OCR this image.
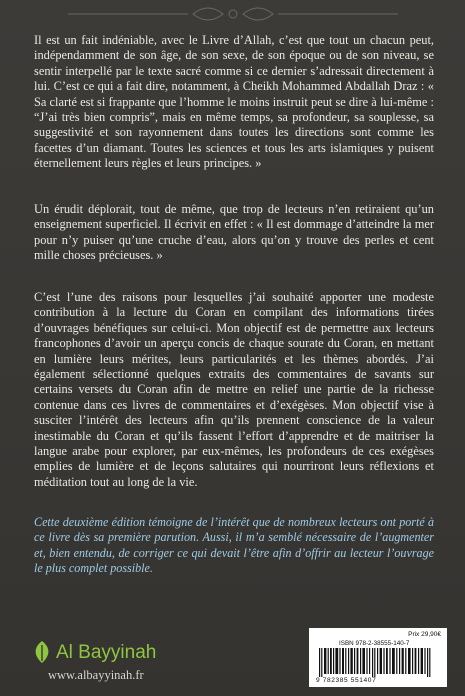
Il est un fait indéniable, avec le Livre d’Allah, c’est que tout un chacun peut, indépendamment de son âge, de son sexe, de son époque ou de son niveau, se sentir interpellé par le texte sacré comme si ce dernier s’adressait directement à lui. C’est ce qui a fait dire, notamment, à Cheikh Mohammed Abdallah Draz : « Sa clarté est si frappante que l’homme le moins instruit peut se dire à lui-même : “J’ai très bien compris”, mais en même temps, sa profondeur, sa souplesse, sa suggestivité et son rayonnement dans toutes les directions sont comme les facettes d’un diamant. Toutes les sciences et tous les arts islamiques y puisent éternellement leurs règles et leurs principes. »

Un érudit déplorait, tout de même, que trop de lecteurs n’en retiraient qu’un enseignement superficiel. Il écrivit en effet : « Il est dommage d’atteindre la mer pour n’y puiser qu’une cruche d’eau, alors qu’on y trouve des perles et cent mille choses précieuses. »

C’est l’une des raisons pour lesquelles j’ai souhaité apporter une modeste contribution à la lecture du Coran en compilant des informations tirées d’ouvrages bénéfiques sur celui-ci. Mon objectif est de permettre aux lecteurs francophones d’avoir un aperçu concis de chaque sourate du Coran, en mettant en lumière leurs mérites, leurs particularités et les thèmes abordés. J’ai également sélectionné quelques extraits des commentaires de savants sur certains versets du Coran afin de mettre en relief une partie de la richesse contenue dans ces livres de commentaires et d’exégèses. Mon objectif vise à susciter l’intérêt des lecteurs afin qu’ils prennent conscience de la valeur inestimable du Coran et qu’ils fassent l’effort d’apprendre et de maitriser la langue arabe pour explorer, par eux-mêmes, les profondeurs de ces exégèses emplies de lumière et de leçons salutaires qui nourriront leurs réflexions et méditation tout au long de la vie.

Cette deuxième édition témoigne de l’intérêt que de nombreux lecteurs ont porté à ce livre dès sa première parution. Aussi, il m’a semblé nécessaire de l’augmenter et, bien entendu, de corriger ce qui devait l’être afin d’offrir au lecteur l’ouvrage le plus complet possible.

Al Bayyinah
www.albayyinah.fr
Prix 29,90€
ISBN 978-2-38555-140-7
9 782385 551407
